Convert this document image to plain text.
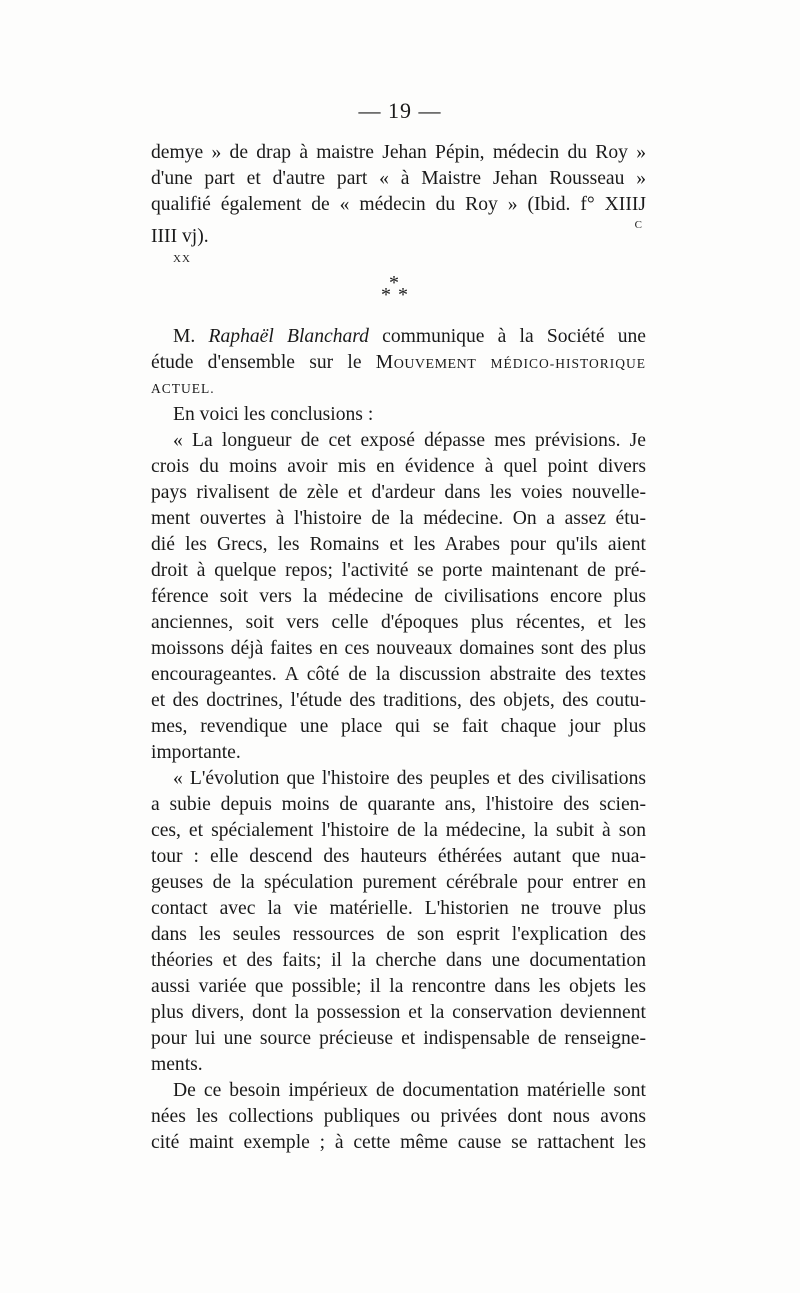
— 19 —
demye » de drap à maistre Jehan Pépin, médecin du Roy »
d'une part et d'autre part « à Maistre Jehan Rousseau »
qualifié également de « médecin du Roy » (Ibid. f° XIIIJ
IIII vj).
XX
C
*
* *
M. Raphaël Blanchard communique à la Société une
étude d'ensemble sur le Mouvement MÉDICO-HISTORIQUE
ACTUEL.
En voici les conclusions :
« La longueur de cet exposé dépasse mes prévisions. Je
crois du moins avoir mis en évidence à quel point divers
pays rivalisent de zèle et d'ardeur dans les voies nouvelle-
ment ouvertes à l'histoire de la médecine. On a assez étu-
dié les Grecs, les Romains et les Arabes pour qu'ils aient
droit à quelque repos; l'activité se porte maintenant de pré-
férence soit vers la médecine de civilisations encore plus
anciennes, soit vers celle d'époques plus récentes, et les
moissons déjà faites en ces nouveaux domaines sont des plus
encourageantes. A côté de la discussion abstraite des textes
et des doctrines, l'étude des traditions, des objets, des coutu-
mes, revendique une place qui se fait chaque jour plus
importante.
« L'évolution que l'histoire des peuples et des civilisations
a subie depuis moins de quarante ans, l'histoire des scien-
ces, et spécialement l'histoire de la médecine, la subit à son
tour : elle descend des hauteurs éthérées autant que nua-
geuses de la spéculation purement cérébrale pour entrer en
contact avec la vie matérielle. L'historien ne trouve plus
dans les seules ressources de son esprit l'explication des
théories et des faits; il la cherche dans une documentation
aussi variée que possible; il la rencontre dans les objets les
plus divers, dont la possession et la conservation deviennent
pour lui une source précieuse et indispensable de renseigne-
ments.
De ce besoin impérieux de documentation matérielle sont
nées les collections publiques ou privées dont nous avons
cité maint exemple ; à cette même cause se rattachent les
